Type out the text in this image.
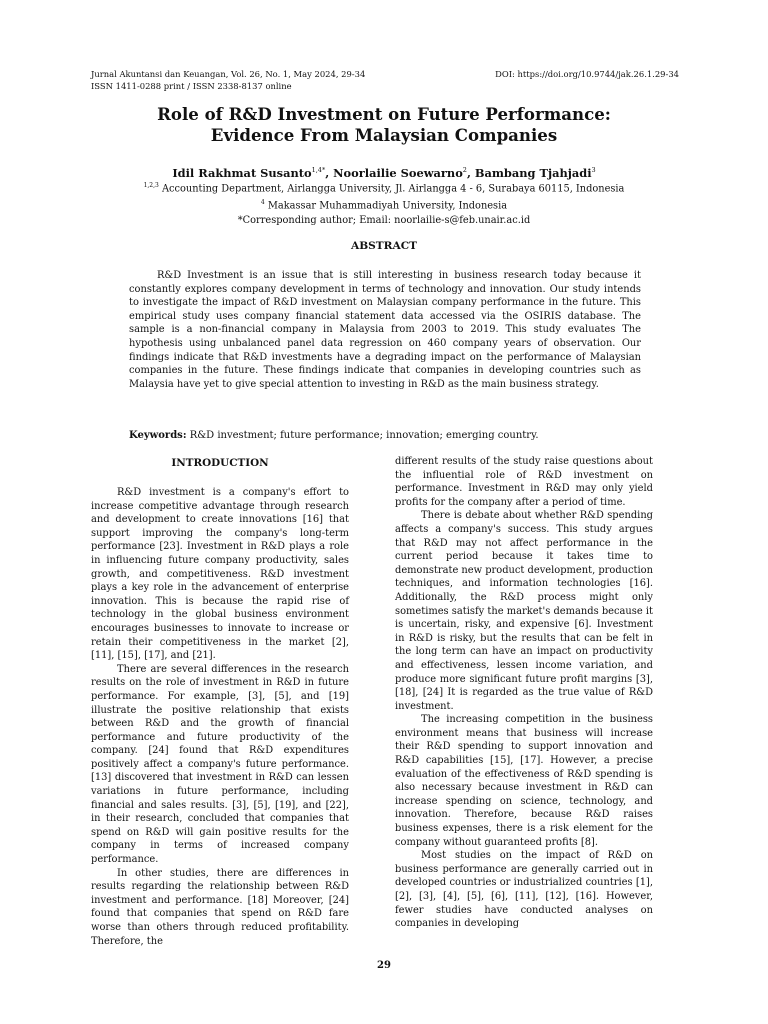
Jurnal Akuntansi dan Keuangan, Vol. 26, No. 1, May 2024, 29-34
ISSN 1411-0288 print / ISSN 2338-8137 online
DOI: https://doi.org/10.9744/jak.26.1.29-34
Role of R&D Investment on Future Performance:
Evidence From Malaysian Companies
Idil Rakhmat Susanto$^{1,4*}$, Noorlailie Soewarno$^2$, Bambang Tjahjadi$^3$
$^{1,2,3}$ Accounting Department, Airlangga University, Jl. Airlangga 4 - 6, Surabaya 60115, Indonesia
$^4$ Makassar Muhammadiyah University, Indonesia
*Corresponding author; Email: noorlailie-s@feb.unair.ac.id
ABSTRACT

R&D Investment is an issue that is still interesting in business research today because it constantly explores company development in terms of technology and innovation. Our study intends to investigate the impact of R&D investment on Malaysian company performance in the future. This empirical study uses company financial statement data accessed via the OSIRIS database. The sample is a non-financial company in Malaysia from 2003 to 2019. This study evaluates The hypothesis using unbalanced panel data regression on 460 company years of observation. Our findings indicate that R&D investments have a degrading impact on the performance of Malaysian companies in the future. These findings indicate that companies in developing countries such as Malaysia have yet to give special attention to investing in R&D as the main business strategy.

Keywords: R&D investment; future performance; innovation; emerging country.

INTRODUCTION

R&D investment is a company's effort to increase competitive advantage through research and development to create innovations [16] that support improving the company's long-term performance [23]. Investment in R&D plays a role in influencing future company productivity, sales growth, and competitiveness. R&D investment plays a key role in the advancement of enterprise innovation. This is because the rapid rise of technology in the global business environment encourages businesses to innovate to increase or retain their competitiveness in the market [2], [11], [15], [17], and [21].

There are several differences in the research results on the role of investment in R&D in future performance. For example, [3], [5], and [19] illustrate the positive relationship that exists between R&D and the growth of financial performance and future productivity of the company. [24] found that R&D expenditures positively affect a company's future performance. [13] discovered that investment in R&D can lessen variations in future performance, including financial and sales results. [3], [5], [19], and [22], in their research, concluded that companies that spend on R&D will gain positive results for the company in terms of increased company performance.

In other studies, there are differences in results regarding the relationship between R&D investment and performance. [18] Moreover, [24] found that companies that spend on R&D fare worse than others through reduced profitability. Therefore, the

different results of the study raise questions about the influential role of R&D investment on performance. Investment in R&D may only yield profits for the company after a period of time.

There is debate about whether R&D spending affects a company's success. This study argues that R&D may not affect performance in the current period because it takes time to demonstrate new product development, production techniques, and information technologies [16]. Additionally, the R&D process might only sometimes satisfy the market's demands because it is uncertain, risky, and expensive [6]. Investment in R&D is risky, but the results that can be felt in the long term can have an impact on productivity and effectiveness, lessen income variation, and produce more significant future profit margins [3], [18], [24] It is regarded as the true value of R&D investment.

The increasing competition in the business environment means that business will increase their R&D spending to support innovation and R&D capabilities [15], [17]. However, a precise evaluation of the effectiveness of R&D spending is also necessary because investment in R&D can increase spending on science, technology, and innovation. Therefore, because R&D raises business expenses, there is a risk element for the company without guaranteed profits [8].

Most studies on the impact of R&D on business performance are generally carried out in developed countries or industrialized countries [1], [2], [3], [4], [5], [6], [11], [12], [16]. However, fewer studies have conducted analyses on companies in developing

29
